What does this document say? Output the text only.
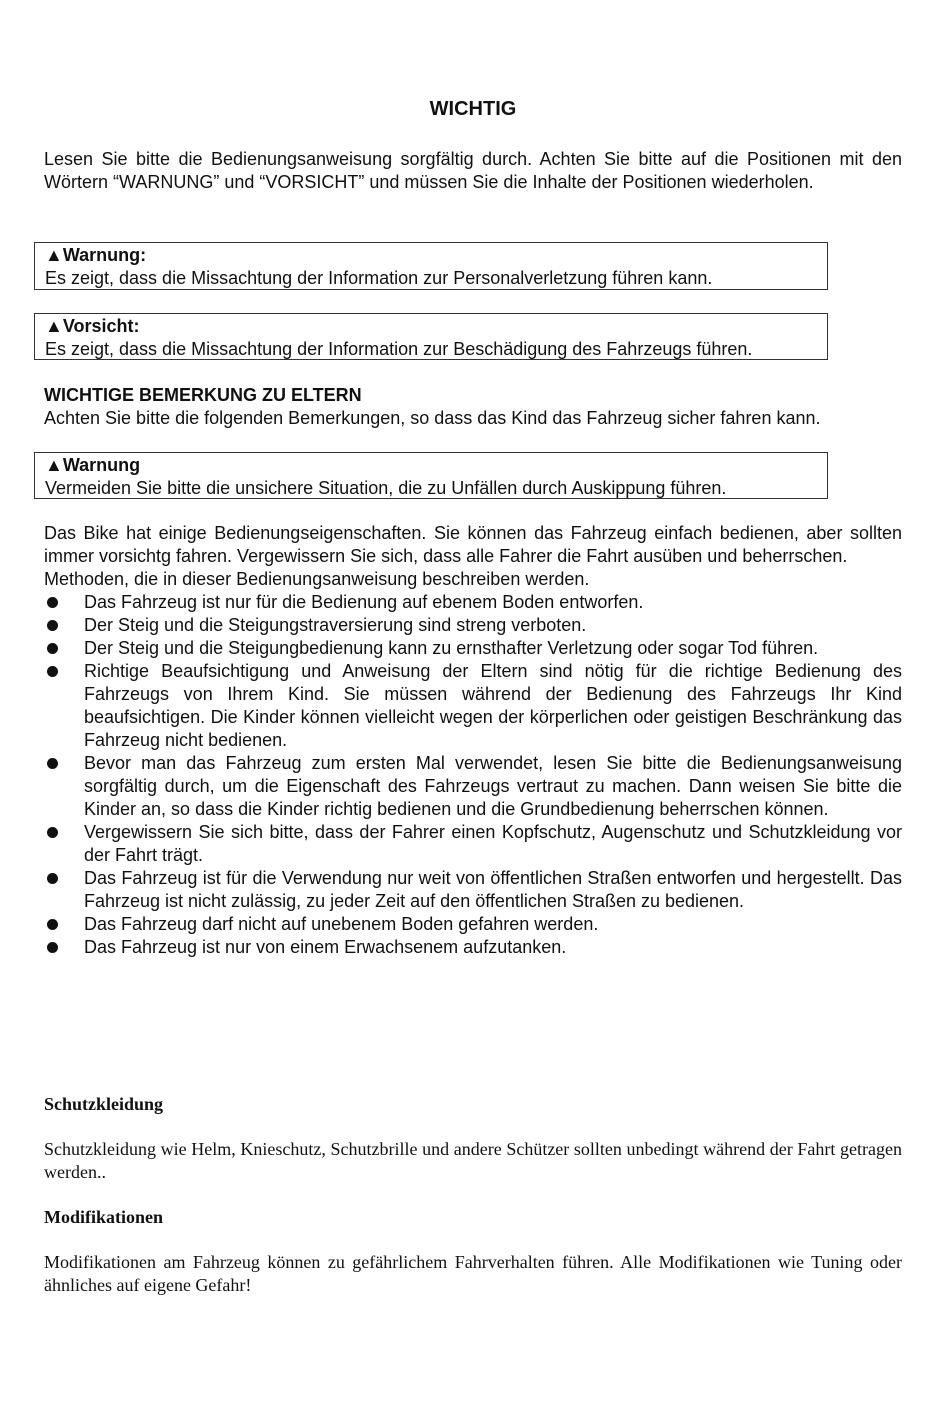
WICHTIG
Lesen Sie bitte die Bedienungsanweisung sorgfältig durch. Achten Sie bitte auf die Positionen mit den Wörtern “WARNUNG” und “VORSICHT” und müssen Sie die Inhalte der Positionen wiederholen.
▲Warnung:
Es zeigt, dass die Missachtung der Information zur Personalverletzung führen kann.
▲Vorsicht:
Es zeigt, dass die Missachtung der Information zur Beschädigung des Fahrzeugs führen.
WICHTIGE BEMERKUNG ZU ELTERN
Achten Sie bitte die folgenden Bemerkungen, so dass das Kind das Fahrzeug sicher fahren kann.
▲Warnung
Vermeiden Sie bitte die unsichere Situation, die zu Unfällen durch Auskippung führen.
Das Bike hat einige Bedienungseigenschaften. Sie können das Fahrzeug einfach bedienen, aber sollten immer vorsichtg fahren. Vergewissern Sie sich, dass alle Fahrer die Fahrt ausüben und beherrschen.
Methoden, die in dieser Bedienungsanweisung beschreiben werden.
Das Fahrzeug ist nur für die Bedienung auf ebenem Boden entworfen.
Der Steig und die Steigungstraversierung sind streng verboten.
Der Steig und die Steigungbedienung kann zu ernsthafter Verletzung oder sogar Tod führen.
Richtige Beaufsichtigung und Anweisung der Eltern sind nötig für die richtige Bedienung des Fahrzeugs von Ihrem Kind. Sie müssen während der Bedienung des Fahrzeugs Ihr Kind beaufsichtigen. Die Kinder können vielleicht wegen der körperlichen oder geistigen Beschränkung das Fahrzeug nicht bedienen.
Bevor man das Fahrzeug zum ersten Mal verwendet, lesen Sie bitte die Bedienungsanweisung sorgfältig durch, um die Eigenschaft des Fahrzeugs vertraut zu machen. Dann weisen Sie bitte die Kinder an, so dass die Kinder richtig bedienen und die Grundbedienung beherrschen können.
Vergewissern Sie sich bitte, dass der Fahrer einen Kopfschutz, Augenschutz und Schutzkleidung vor der Fahrt trägt.
Das Fahrzeug ist für die Verwendung nur weit von öffentlichen Straßen entworfen und hergestellt. Das Fahrzeug ist nicht zulässig, zu jeder Zeit auf den öffentlichen Straßen zu bedienen.
Das Fahrzeug darf nicht auf unebenem Boden gefahren werden.
Das Fahrzeug ist nur von einem Erwachsenem aufzutanken.
Schutzkleidung
Schutzkleidung wie Helm, Knieschutz, Schutzbrille und andere Schützer sollten unbedingt während der Fahrt getragen werden..
Modifikationen
Modifikationen am Fahrzeug können zu gefährlichem Fahrverhalten führen. Alle Modifikationen wie Tuning oder ähnliches auf eigene Gefahr!
